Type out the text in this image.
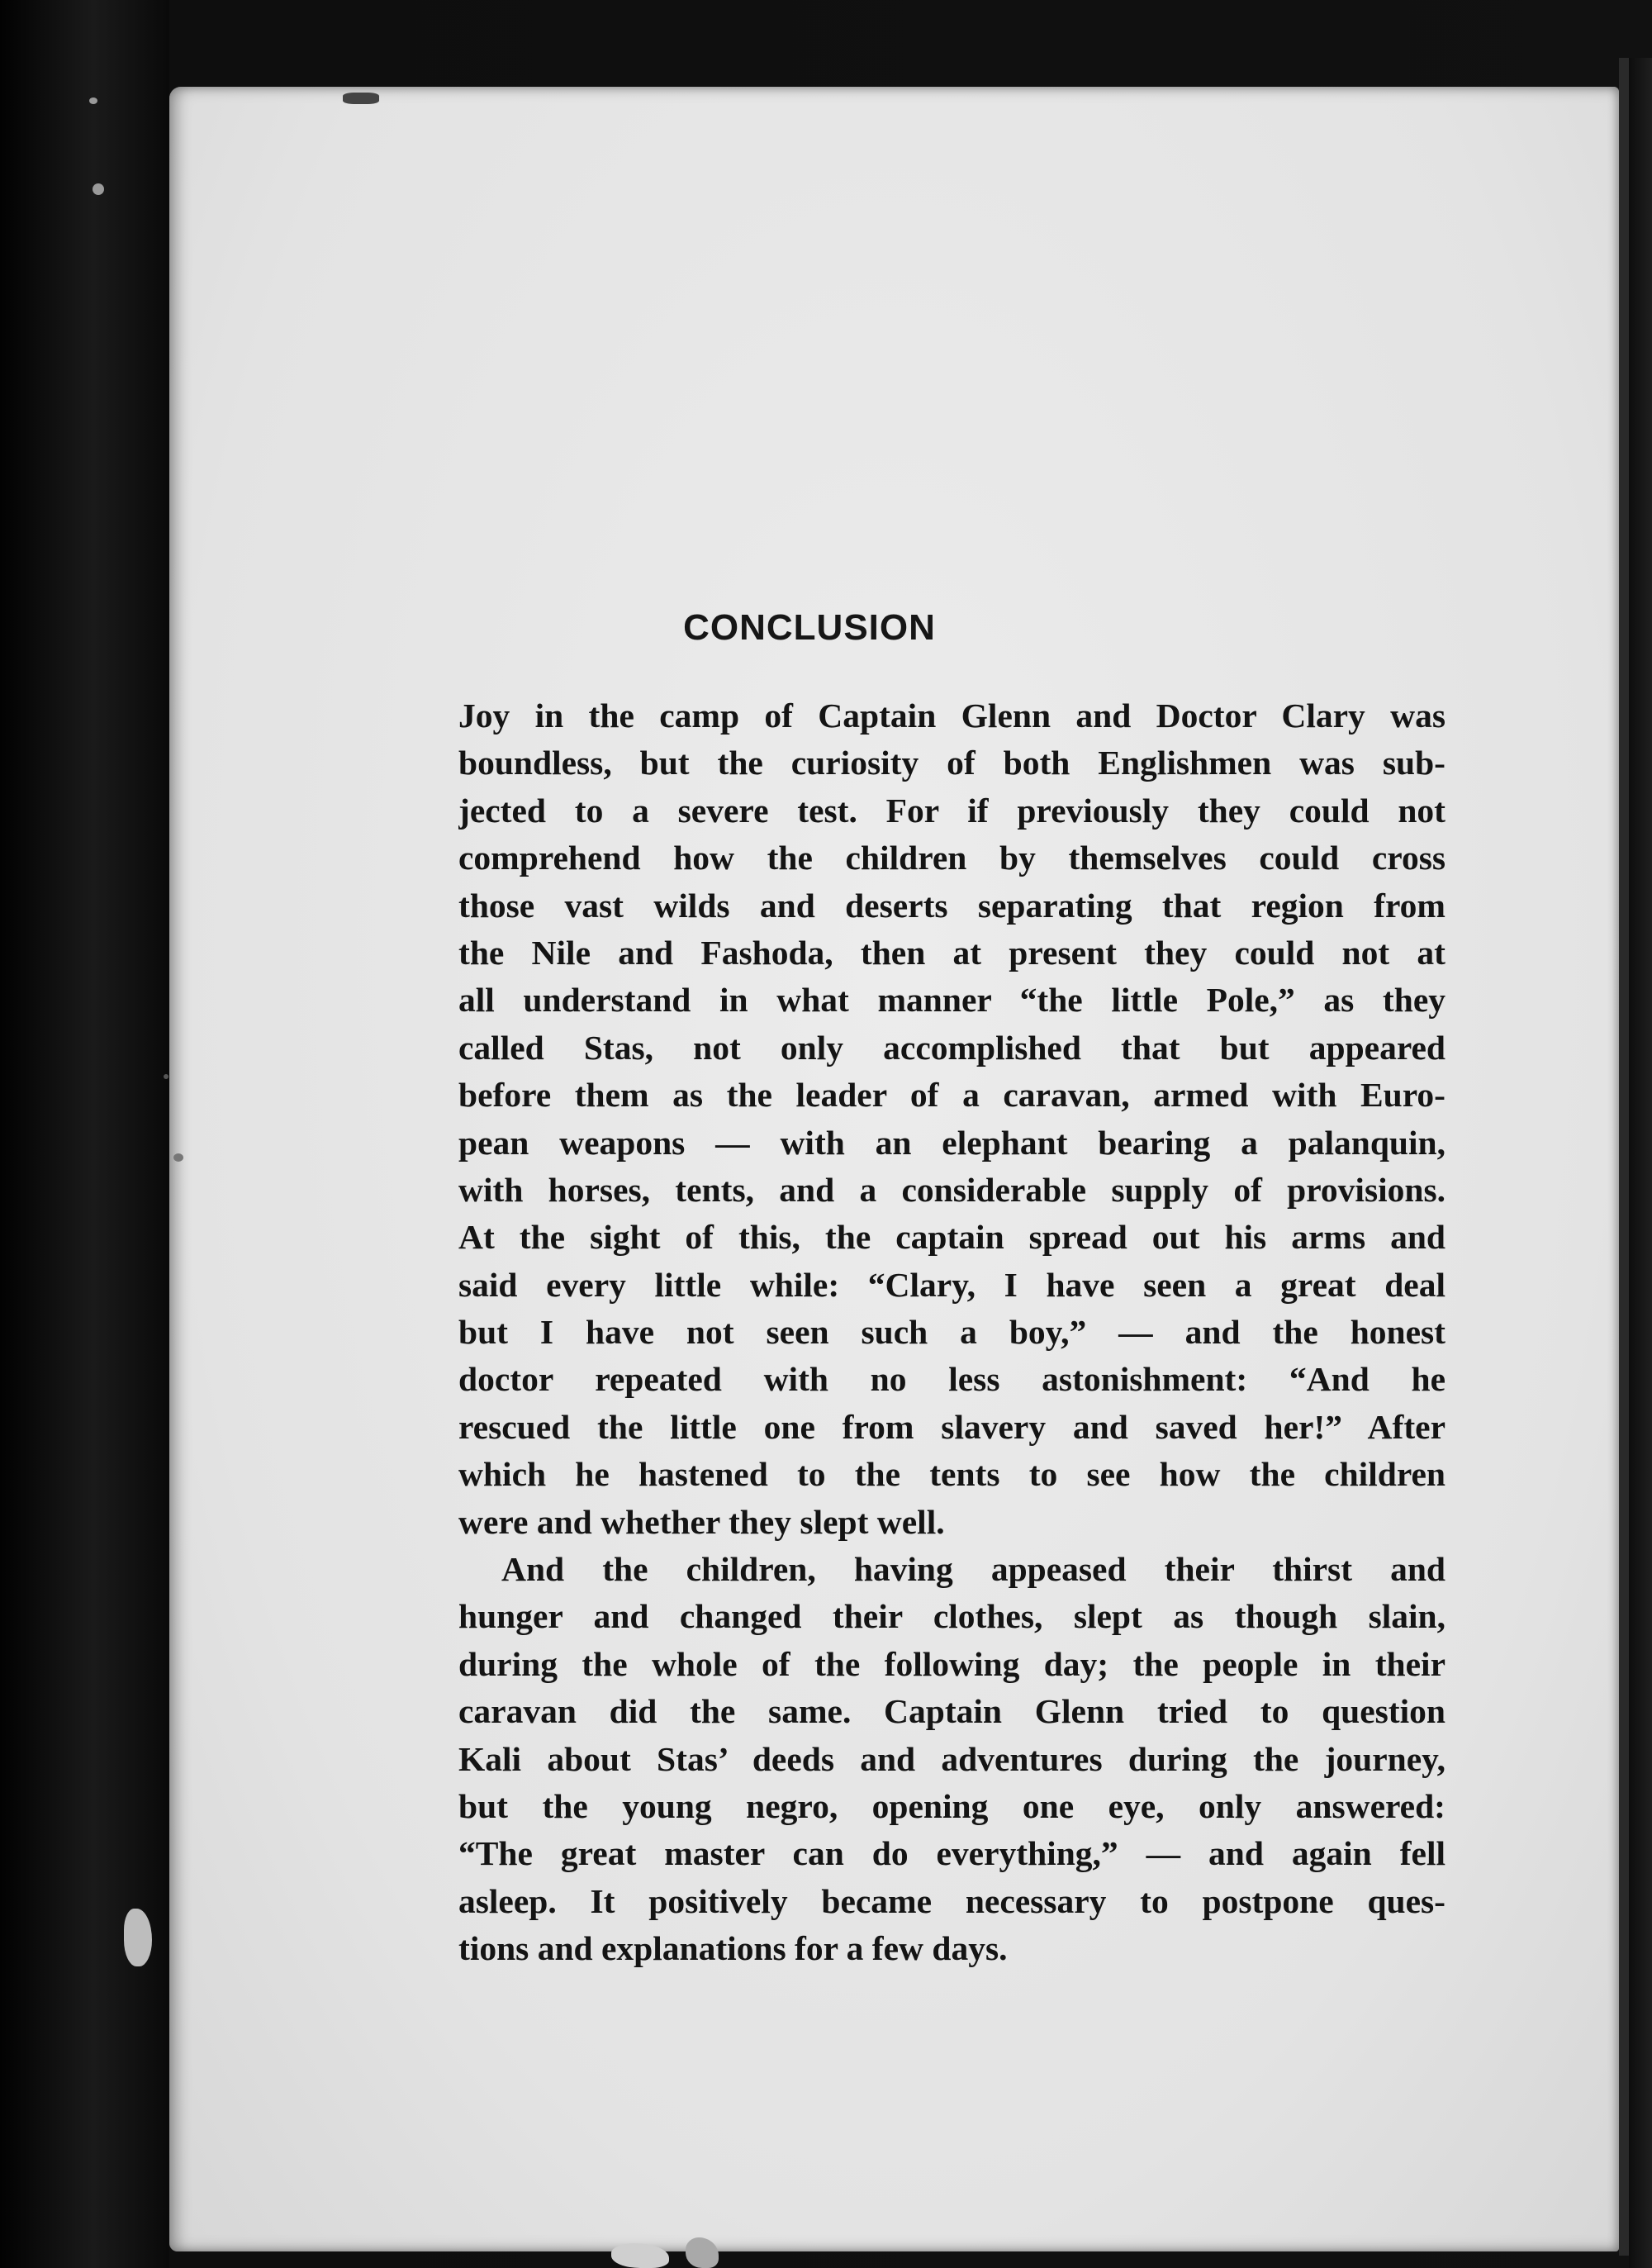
CONCLUSION
Joy in the camp of Captain Glenn and Doctor Clary was
boundless, but the curiosity of both Englishmen was sub-
jected to a severe test. For if previously they could not
comprehend how the children by themselves could cross
those vast wilds and deserts separating that region from
the Nile and Fashoda, then at present they could not at
all understand in what manner “the little Pole,” as they
called Stas, not only accomplished that but appeared
before them as the leader of a caravan, armed with Euro-
pean weapons — with an elephant bearing a palanquin,
with horses, tents, and a considerable supply of provisions.
At the sight of this, the captain spread out his arms and
said every little while: “Clary, I have seen a great deal
but I have not seen such a boy,” — and the honest
doctor repeated with no less astonishment: “And he
rescued the little one from slavery and saved her!” After
which he hastened to the tents to see how the children
were and whether they slept well.
And the children, having appeased their thirst and
hunger and changed their clothes, slept as though slain,
during the whole of the following day; the people in their
caravan did the same. Captain Glenn tried to question
Kali about Stas’ deeds and adventures during the journey,
but the young negro, opening one eye, only answered:
“The great master can do everything,” — and again fell
asleep. It positively became necessary to postpone ques-
tions and explanations for a few days.
